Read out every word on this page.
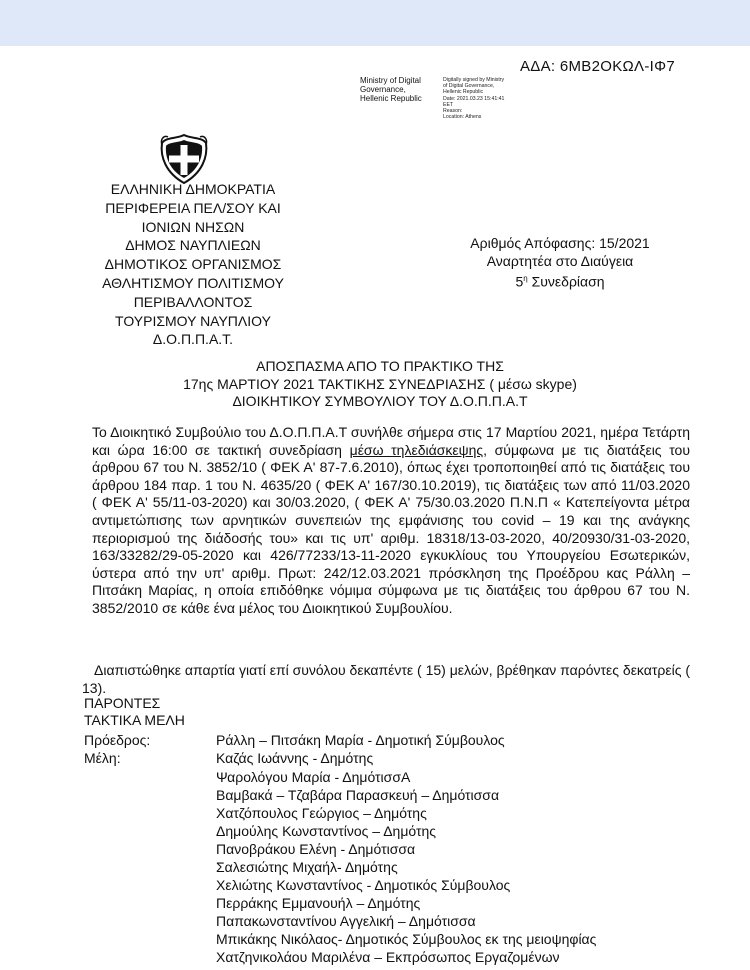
ΑΔΑ: 6ΜΒ2ΟΚΩΛ-ΙΦ7
Ministry of Digital
Governance,
Hellenic Republic
Digitally signed by Ministry
of Digital Governance,
Hellenic Republic
Date: 2021.03.23 15:41:41
EET
Reason:
Location: Athens
ΕΛΛΗΝΙΚΗ ΔΗΜΟΚΡΑΤΙΑ
ΠΕΡΙΦΕΡΕΙΑ ΠΕΛ/ΣΟΥ ΚΑΙ
ΙΟΝΙΩΝ ΝΗΣΩΝ
ΔΗΜΟΣ ΝΑΥΠΛΙΕΩΝ
ΔΗΜΟΤΙΚΟΣ ΟΡΓΑΝΙΣΜΟΣ
ΑΘΛΗΤΙΣΜΟΥ ΠΟΛΙΤΙΣΜΟΥ
ΠΕΡΙΒΑΛΛΟΝΤΟΣ
ΤΟΥΡΙΣΜΟΥ ΝΑΥΠΛΙΟΥ
Δ.Ο.Π.Π.Α.Τ.
Αριθμός Απόφασης: 15/2021
Αναρτητέα στο Διαύγεια
$5^\eta$ Συνεδρίαση
ΑΠΟΣΠΑΣΜΑ ΑΠΟ ΤΟ ΠΡΑΚΤΙΚΟ ΤΗΣ
17ης ΜΑΡΤΙΟΥ 2021 ΤΑΚΤΙΚΗΣ ΣΥΝΕΔΡΙΑΣΗΣ ( μέσω skype)
ΔΙΟΙΚΗΤΙΚΟΥ ΣΥΜΒΟΥΛΙΟΥ ΤΟΥ Δ.Ο.Π.Π.Α.Τ
Το Διοικητικό Συμβούλιο του Δ.Ο.Π.Π.Α.Τ συνήλθε σήμερα στις 17 Μαρτίου 2021, ημέρα Τετάρτη και ώρα 16:00 σε τακτική συνεδρίαση μέσω τηλεδιάσκεψης, σύμφωνα με τις διατάξεις του άρθρου 67 του Ν. 3852/10 ( ΦΕΚ Α' 87-7.6.2010), όπως έχει τροποποιηθεί από τις διατάξεις του άρθρου 184 παρ. 1 του Ν. 4635/20 ( ΦΕΚ Α' 167/30.10.2019), τις διατάξεις των από 11/03.2020 ( ΦΕΚ Α' 55/11-03-2020) και 30/03.2020, ( ΦΕΚ Α' 75/30.03.2020 Π.Ν.Π « Κατεπείγοντα μέτρα αντιμετώπισης των αρνητικών συνεπειών της εμφάνισης του covid – 19 και της ανάγκης περιορισμού της διάδοσής του» και τις υπ' αριθμ. 18318/13-03-2020, 40/20930/31-03-2020, 163/33282/29-05-2020 και 426/77233/13-11-2020 εγκυκλίους του Υπουργείου Εσωτερικών, ύστερα από την υπ' αριθμ. Πρωτ: 242/12.03.2021 πρόσκληση της Προέδρου κας Ράλλη – Πιτσάκη Μαρίας, η οποία επιδόθηκε νόμιμα σύμφωνα με τις διατάξεις του άρθρου 67 του Ν. 3852/2010 σε κάθε ένα μέλος του Διοικητικού Συμβουλίου.
Διαπιστώθηκε απαρτία γιατί επί συνόλου δεκαπέντε ( 15) μελών, βρέθηκαν παρόντες δεκατρείς ( 13).
ΠΑΡΟΝΤΕΣ
ΤΑΚΤΙΚΑ ΜΕΛΗ
Πρόεδρος:	Ράλλη – Πιτσάκη Μαρία - Δημοτική Σύμβουλος
Μέλη:	Καζάς Ιωάννης - Δημότης
Ψαρολόγου Μαρία - ΔημότισσΑ
Βαμβακά – Τζαβάρα Παρασκευή – Δημότισσα
Χατζόπουλος Γεώργιος – Δημότης
Δημούλης Κωνσταντίνος – Δημότης
Πανοβράκου Ελένη - Δημότισσα
Σαλεσιώτης Μιχαήλ- Δημότης
Χελιώτης Κωνσταντίνος - Δημοτικός Σύμβουλος
Περράκης Εμμανουήλ – Δημότης
Παπακωνσταντίνου Αγγελική – Δημότισσα
Μπικάκης Νικόλαος- Δημοτικός Σύμβουλος εκ της μειοψηφίας
Χατζηνικολάου Μαριλένα – Εκπρόσωπος Εργαζομένων
